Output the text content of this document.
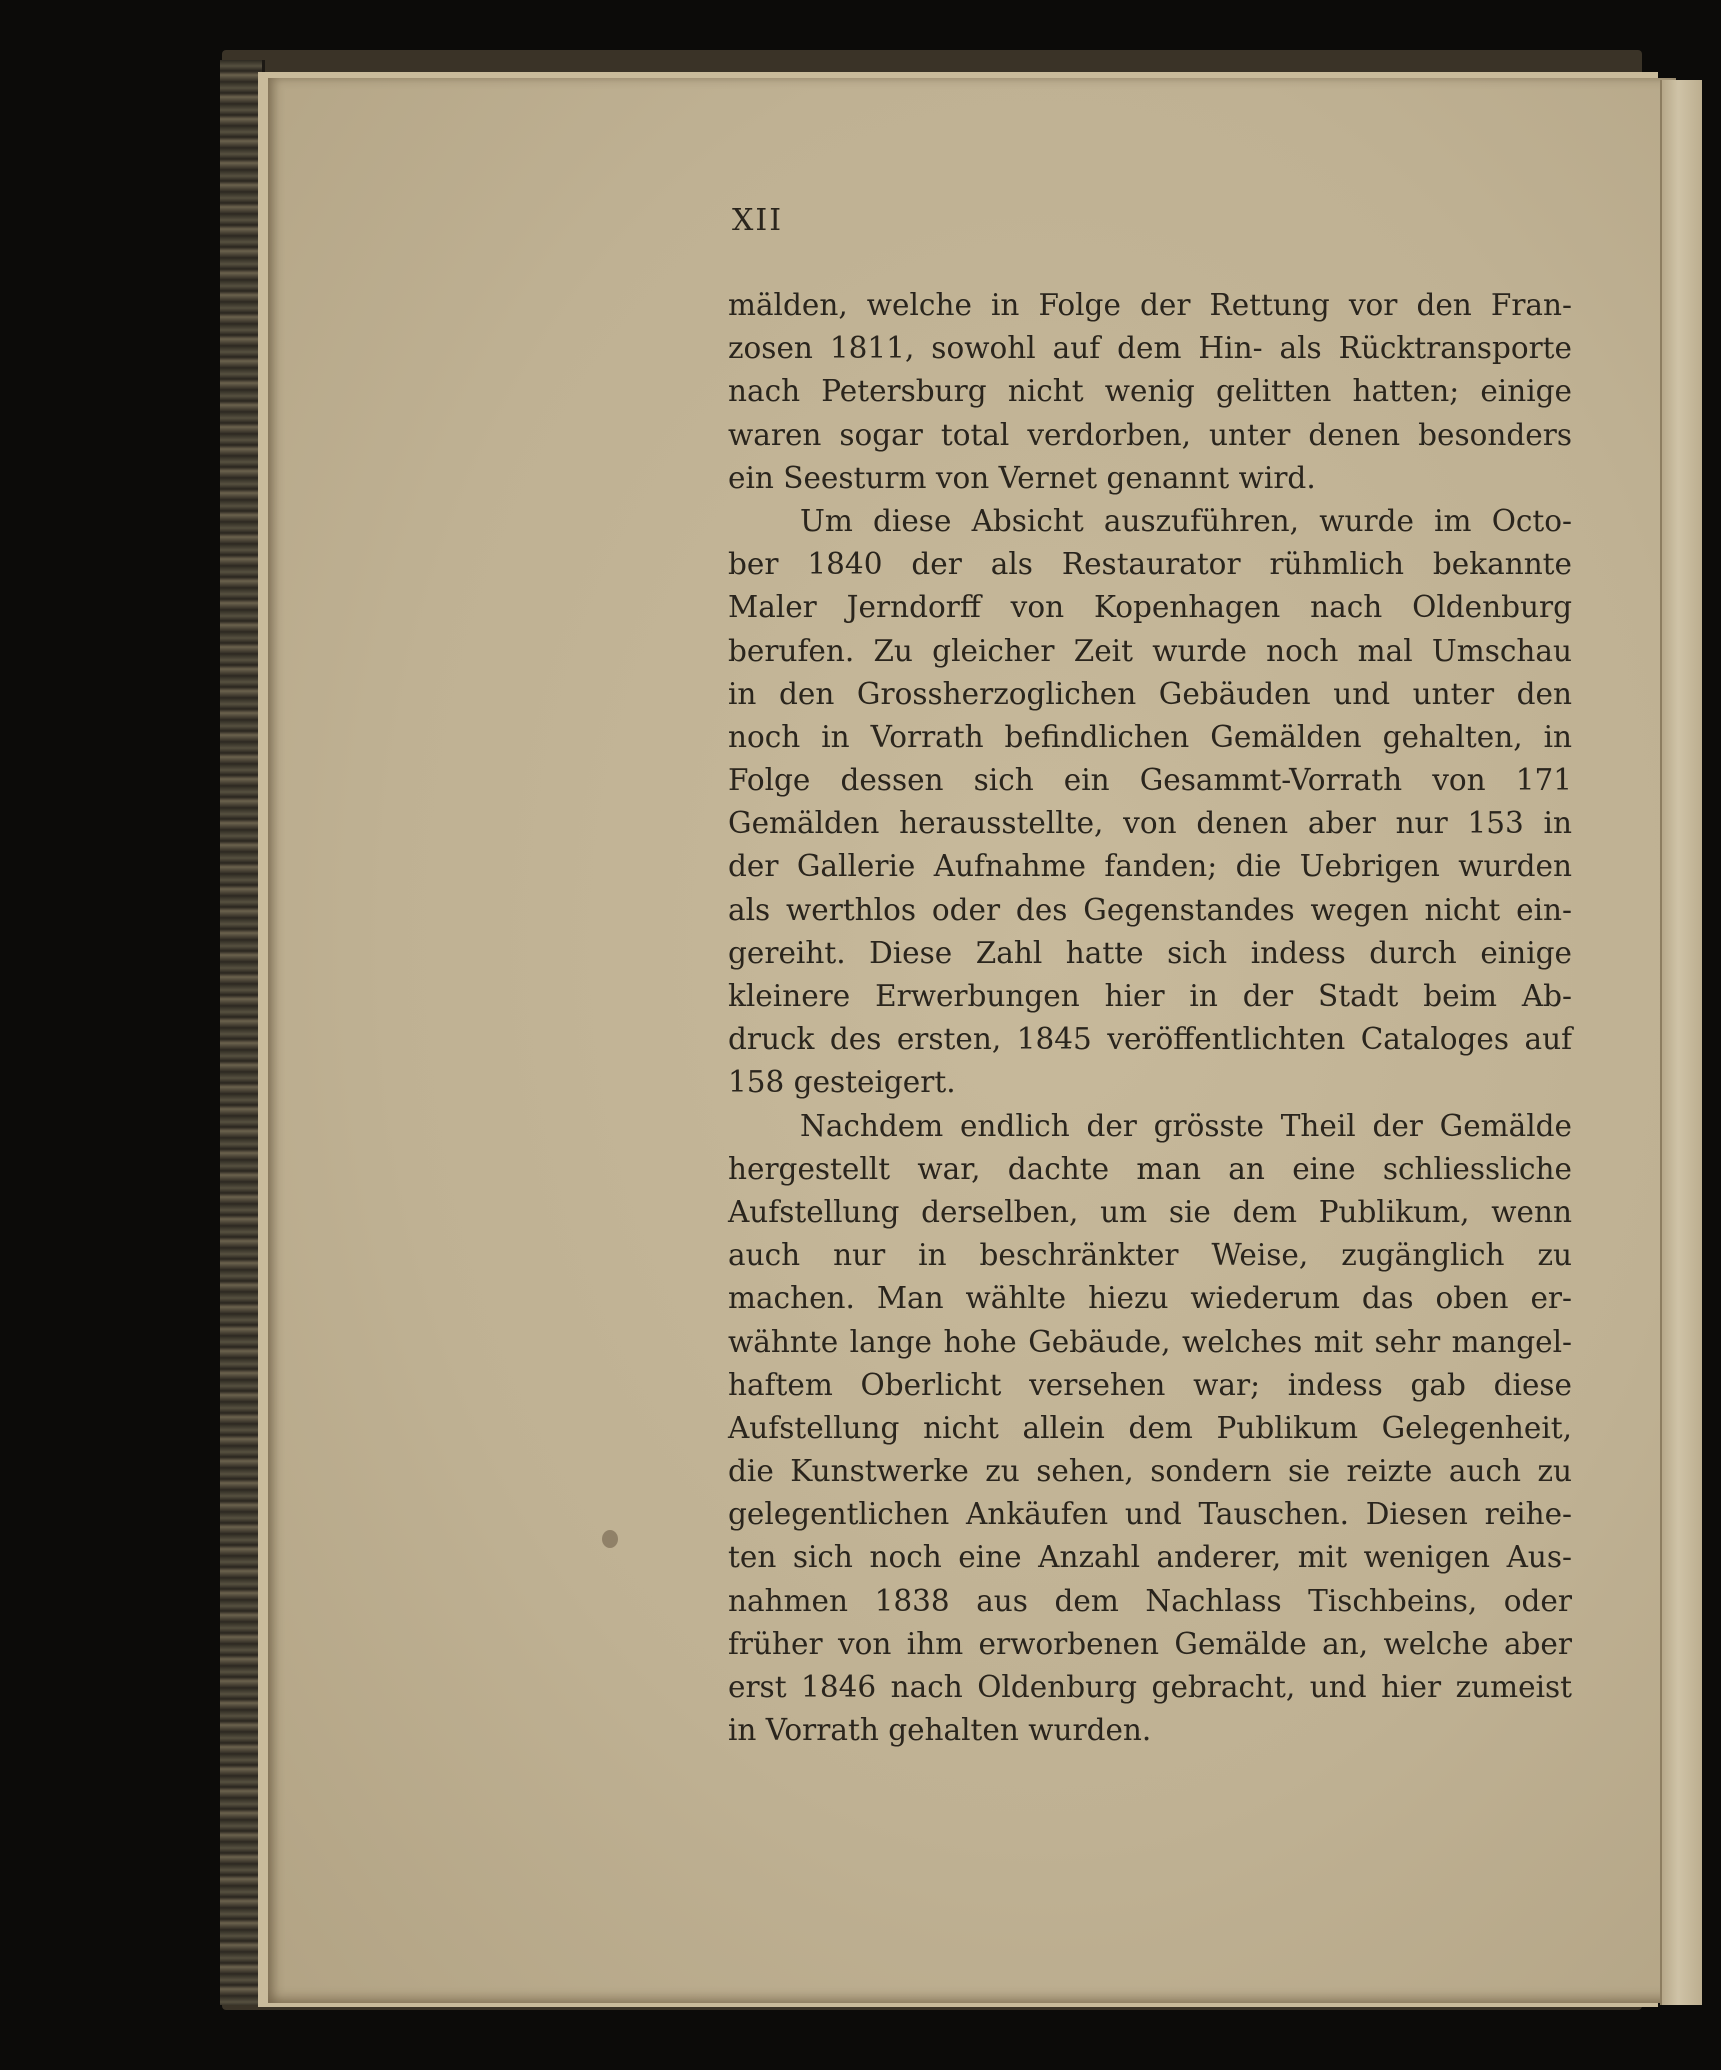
XII

mälden, welche in Folge der Rettung vor den Fran-
zosen 1811, sowohl auf dem Hin- als Rücktransporte
nach Petersburg nicht wenig gelitten hatten; einige
waren sogar total verdorben, unter denen besonders
ein Seesturm von Vernet genannt wird.
Um diese Absicht auszuführen, wurde im Octo-
ber 1840 der als Restaurator rühmlich bekannte
Maler Jerndorff von Kopenhagen nach Oldenburg
berufen. Zu gleicher Zeit wurde noch mal Umschau
in den Grossherzoglichen Gebäuden und unter den
noch in Vorrath befindlichen Gemälden gehalten, in
Folge dessen sich ein Gesammt-Vorrath von 171
Gemälden herausstellte, von denen aber nur 153 in
der Gallerie Aufnahme fanden; die Uebrigen wurden
als werthlos oder des Gegenstandes wegen nicht ein-
gereiht. Diese Zahl hatte sich indess durch einige
kleinere Erwerbungen hier in der Stadt beim Ab-
druck des ersten, 1845 veröffentlichten Cataloges auf
158 gesteigert.
Nachdem endlich der grösste Theil der Gemälde
hergestellt war, dachte man an eine schliessliche
Aufstellung derselben, um sie dem Publikum, wenn
auch nur in beschränkter Weise, zugänglich zu
machen. Man wählte hiezu wiederum das oben er-
wähnte lange hohe Gebäude, welches mit sehr mangel-
haftem Oberlicht versehen war; indess gab diese
Aufstellung nicht allein dem Publikum Gelegenheit,
die Kunstwerke zu sehen, sondern sie reizte auch zu
gelegentlichen Ankäufen und Tauschen. Diesen reihe-
ten sich noch eine Anzahl anderer, mit wenigen Aus-
nahmen 1838 aus dem Nachlass Tischbeins, oder
früher von ihm erworbenen Gemälde an, welche aber
erst 1846 nach Oldenburg gebracht, und hier zumeist
in Vorrath gehalten wurden.
